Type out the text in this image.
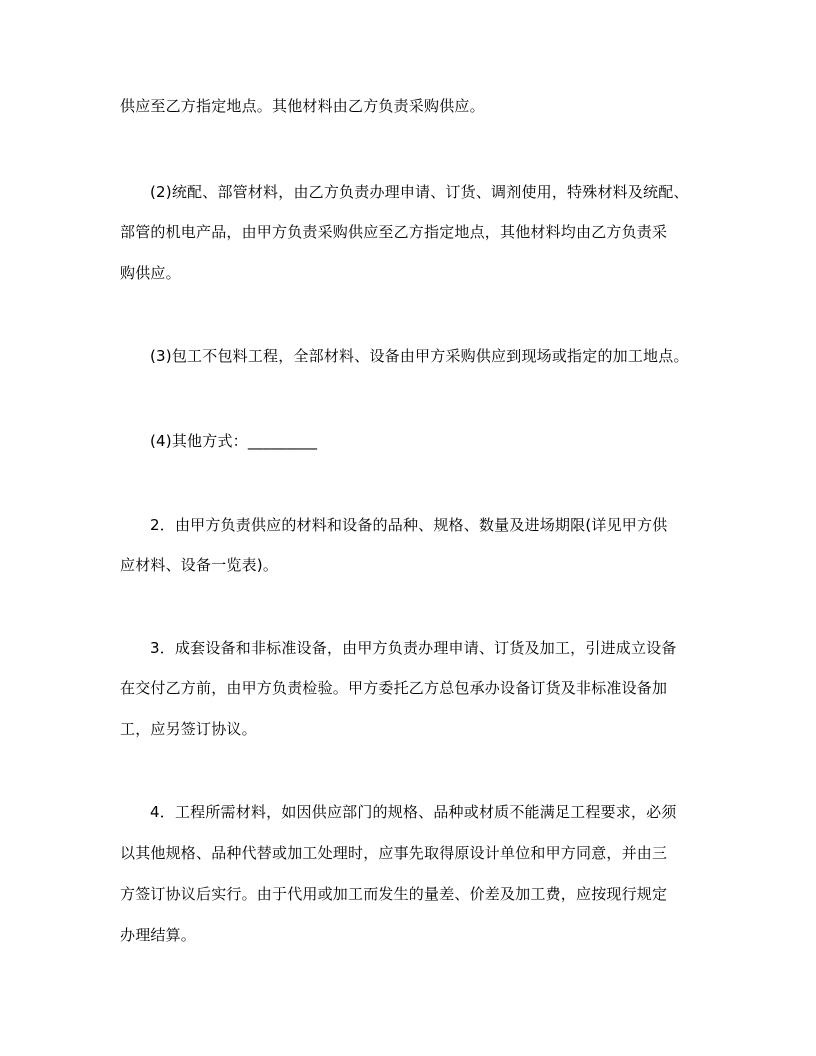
供应至乙方指定地点。其他材料由乙方负责采购供应。
(2)统配、部管材料，由乙方负责办理申请、订货、调剂使用，特殊材料及统配、
部管的机电产品，由甲方负责采购供应至乙方指定地点，其他材料均由乙方负责采
购供应。
(3)包工不包料工程，全部材料、设备由甲方采购供应到现场或指定的加工地点。
(4)其他方式：_________
2．由甲方负责供应的材料和设备的品种、规格、数量及进场期限(详见甲方供
应材料、设备一览表)。
3．成套设备和非标准设备，由甲方负责办理申请、订货及加工，引进成立设备
在交付乙方前，由甲方负责检验。甲方委托乙方总包承办设备订货及非标准设备加
工，应另签订协议。
4．工程所需材料，如因供应部门的规格、品种或材质不能满足工程要求，必须
以其他规格、品种代替或加工处理时，应事先取得原设计单位和甲方同意，并由三
方签订协议后实行。由于代用或加工而发生的量差、价差及加工费，应按现行规定
办理结算。
